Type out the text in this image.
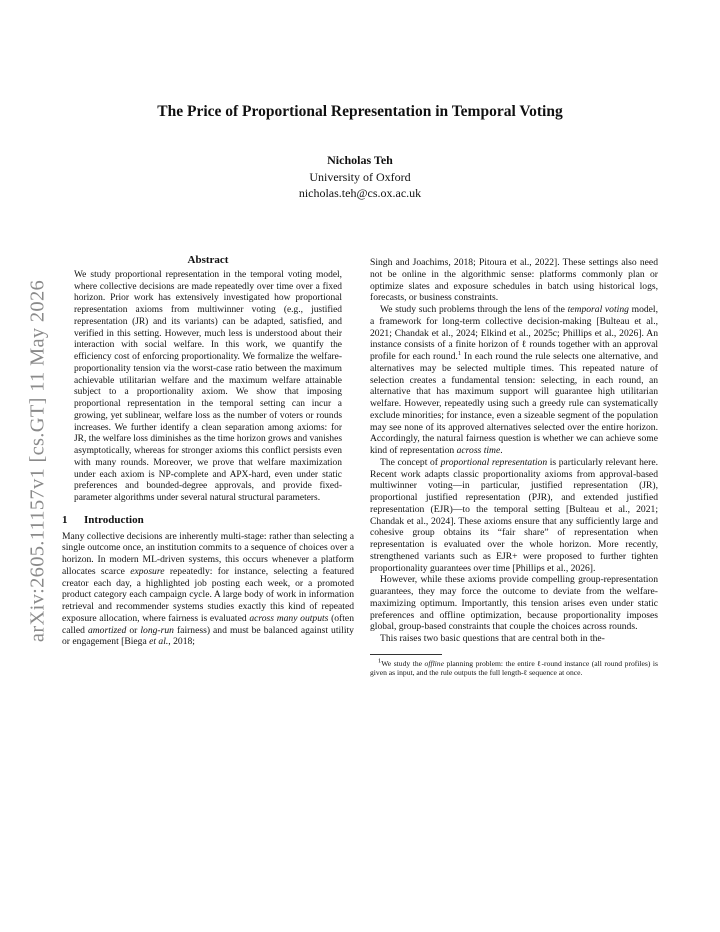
The Price of Proportional Representation in Temporal Voting
Nicholas Teh
University of Oxford
nicholas.teh@cs.ox.ac.uk
arXiv:2605.11157v1 [cs.GT] 11 May 2026
Abstract

We study proportional representation in the temporal voting model, where collective decisions are made repeatedly over time over a fixed horizon. Prior work has extensively investigated how proportional representation axioms from multiwinner voting (e.g., justified representation (JR) and its variants) can be adapted, satisfied, and verified in this setting. However, much less is understood about their interaction with social welfare. In this work, we quantify the efficiency cost of enforcing proportionality. We formalize the welfare-proportionality tension via the worst-case ratio between the maximum achievable utilitarian welfare and the maximum welfare attainable subject to a proportionality axiom. We show that imposing proportional representation in the temporal setting can incur a growing, yet sublinear, welfare loss as the number of voters or rounds increases. We further identify a clean separation among axioms: for JR, the welfare loss diminishes as the time horizon grows and vanishes asymptotically, whereas for stronger axioms this conflict persists even with many rounds. Moreover, we prove that welfare maximization under each axiom is NP-complete and APX-hard, even under static preferences and bounded-degree approvals, and provide fixed-parameter algorithms under several natural structural parameters.

1 Introduction

Many collective decisions are inherently multi-stage: rather than selecting a single outcome once, an institution commits to a sequence of choices over a horizon. In modern ML-driven systems, this occurs whenever a platform allocates scarce exposure repeatedly: for instance, selecting a featured creator each day, a highlighted job posting each week, or a promoted product category each campaign cycle. A large body of work in information retrieval and recommender systems studies exactly this kind of repeated exposure allocation, where fairness is evaluated across many outputs (often called amortized or long-run fairness) and must be balanced against utility or engagement [Biega et al., 2018;

Singh and Joachims, 2018; Pitoura et al., 2022]. These settings also need not be online in the algorithmic sense: platforms commonly plan or optimize slates and exposure schedules in batch using historical logs, forecasts, or business constraints.

We study such problems through the lens of the temporal voting model, a framework for long-term collective decision-making [Bulteau et al., 2021; Chandak et al., 2024; Elkind et al., 2025c; Phillips et al., 2026]. An instance consists of a finite horizon of ℓ rounds together with an approval profile for each round.$^1$ In each round the rule selects one alternative, and alternatives may be selected multiple times. This repeated nature of selection creates a fundamental tension: selecting, in each round, an alternative that has maximum support will guarantee high utilitarian welfare. However, repeatedly using such a greedy rule can systematically exclude minorities; for instance, even a sizeable segment of the population may see none of its approved alternatives selected over the entire horizon. Accordingly, the natural fairness question is whether we can achieve some kind of representation across time.

The concept of proportional representation is particularly relevant here. Recent work adapts classic proportionality axioms from approval-based multiwinner voting—in particular, justified representation (JR), proportional justified representation (PJR), and extended justified representation (EJR)—to the temporal setting [Bulteau et al., 2021; Chandak et al., 2024]. These axioms ensure that any sufficiently large and cohesive group obtains its “fair share” of representation when representation is evaluated over the whole horizon. More recently, strengthened variants such as EJR+ were proposed to further tighten proportionality guarantees over time [Phillips et al., 2026].

However, while these axioms provide compelling group-representation guarantees, they may force the outcome to deviate from the welfare-maximizing optimum. Importantly, this tension arises even under static preferences and offline optimization, because proportionality imposes global, group-based constraints that couple the choices across rounds.

This raises two basic questions that are central both in the-

$^1$We study the offline planning problem: the entire ℓ-round instance (all round profiles) is given as input, and the rule outputs the full length-ℓ sequence at once.
